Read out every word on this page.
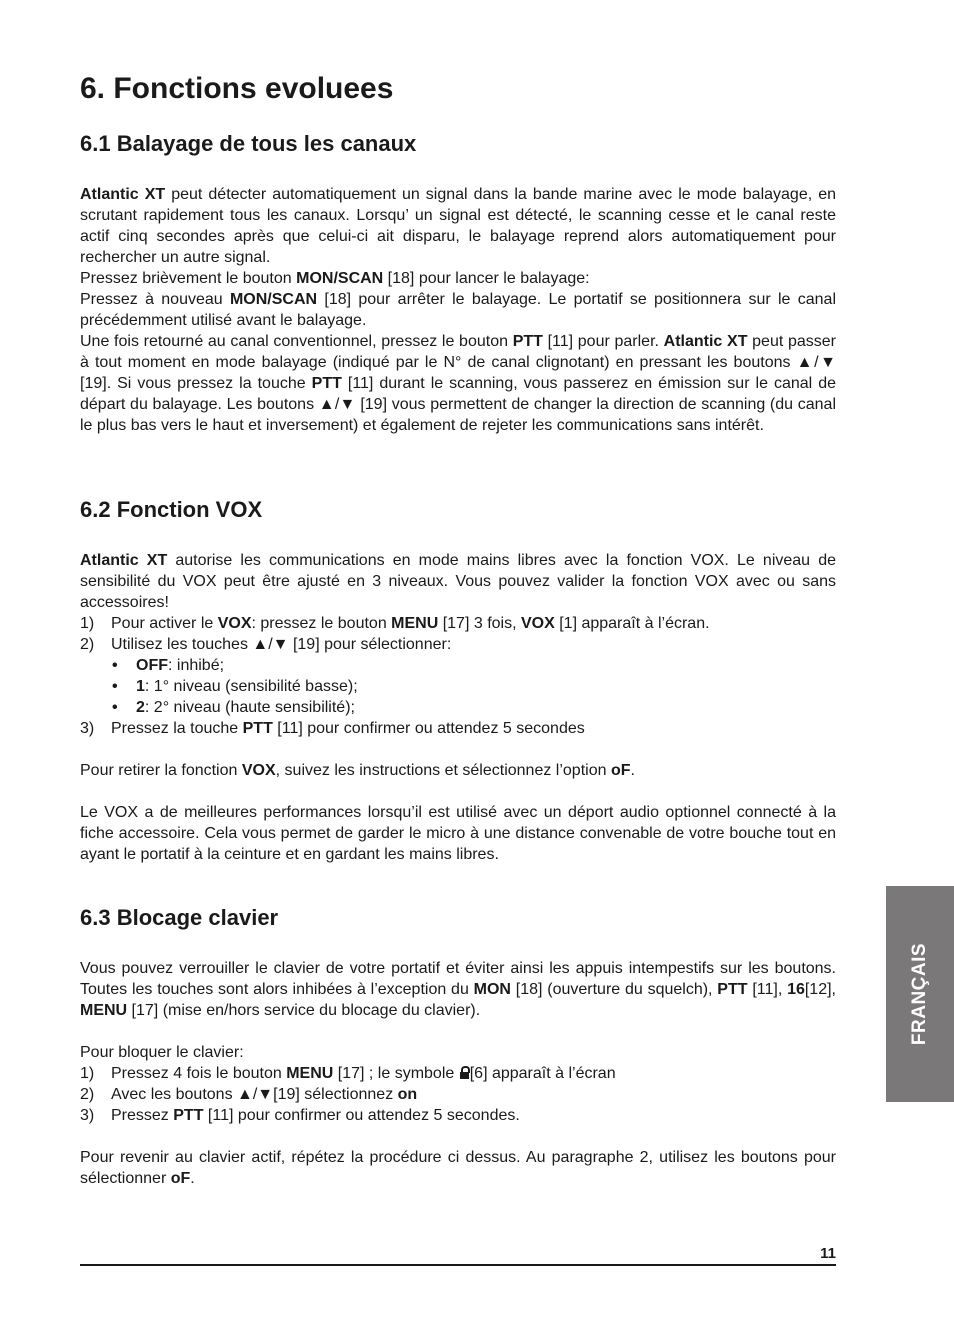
6. Fonctions evoluees
6.1 Balayage de tous les canaux

Atlantic XT peut détecter automatiquement un signal dans la bande marine avec le mode balayage, en scrutant rapidement tous les canaux. Lorsqu’ un signal est détecté, le scanning cesse et le canal reste actif cinq secondes après que celui-ci ait disparu, le balayage reprend alors automatiquement pour rechercher un autre signal.

Pressez brièvement le bouton MON/SCAN [18] pour lancer le balayage:

Pressez à nouveau MON/SCAN [18] pour arrêter le balayage. Le portatif se positionnera sur le canal précédemment utilisé avant le balayage.

Une fois retourné au canal conventionnel, pressez le bouton PTT [11] pour parler. Atlantic XT peut passer à tout moment en mode balayage (indiqué par le N° de canal clignotant) en pressant les boutons ▲/▼ [19]. Si vous pressez la touche PTT [11] durant le scanning, vous passerez en émission sur le canal de départ du balayage. Les boutons ▲/▼ [19] vous permettent de changer la direction de scanning (du canal le plus bas vers le haut et inversement) et également de rejeter les communications sans intérêt.

6.2 Fonction VOX

Atlantic XT autorise les communications en mode mains libres avec la fonction VOX. Le niveau de sensibilité du VOX peut être ajusté en 3 niveaux. Vous pouvez valider la fonction VOX avec ou sans accessoires!

1) Pour activer le VOX: pressez le bouton MENU [17] 3 fois, VOX [1] apparaît à l’écran.
2) Utilisez les touches ▲/▼ [19] pour sélectionner:
• OFF: inhibé;
• 1: 1° niveau (sensibilité basse);
• 2: 2° niveau (haute sensibilité);
3) Pressez la touche PTT [11] pour confirmer ou attendez 5 secondes

Pour retirer la fonction VOX, suivez les instructions et sélectionnez l’option oF.

Le VOX a de meilleures performances lorsqu’il est utilisé avec un déport audio optionnel connecté à la fiche accessoire. Cela vous permet de garder le micro à une distance convenable de votre bouche tout en ayant le portatif à la ceinture et en gardant les mains libres.

6.3 Blocage clavier

Vous pouvez verrouiller le clavier de votre portatif et éviter ainsi les appuis intempestifs sur les boutons. Toutes les touches sont alors inhibées à l’exception du MON [18] (ouverture du squelch), PTT [11], 16[12], MENU [17] (mise en/hors service du blocage du clavier).

Pour bloquer le clavier:

1) Pressez 4 fois le bouton MENU [17] ; le symbole [6] apparaît à l’écran
2) Avec les boutons ▲/▼[19] sélectionnez on
3) Pressez PTT [11] pour confirmer ou attendez 5 secondes.

Pour revenir au clavier actif, répétez la procédure ci dessus. Au paragraphe 2, utilisez les boutons pour sélectionner oF.

FRANÇAIS
11
